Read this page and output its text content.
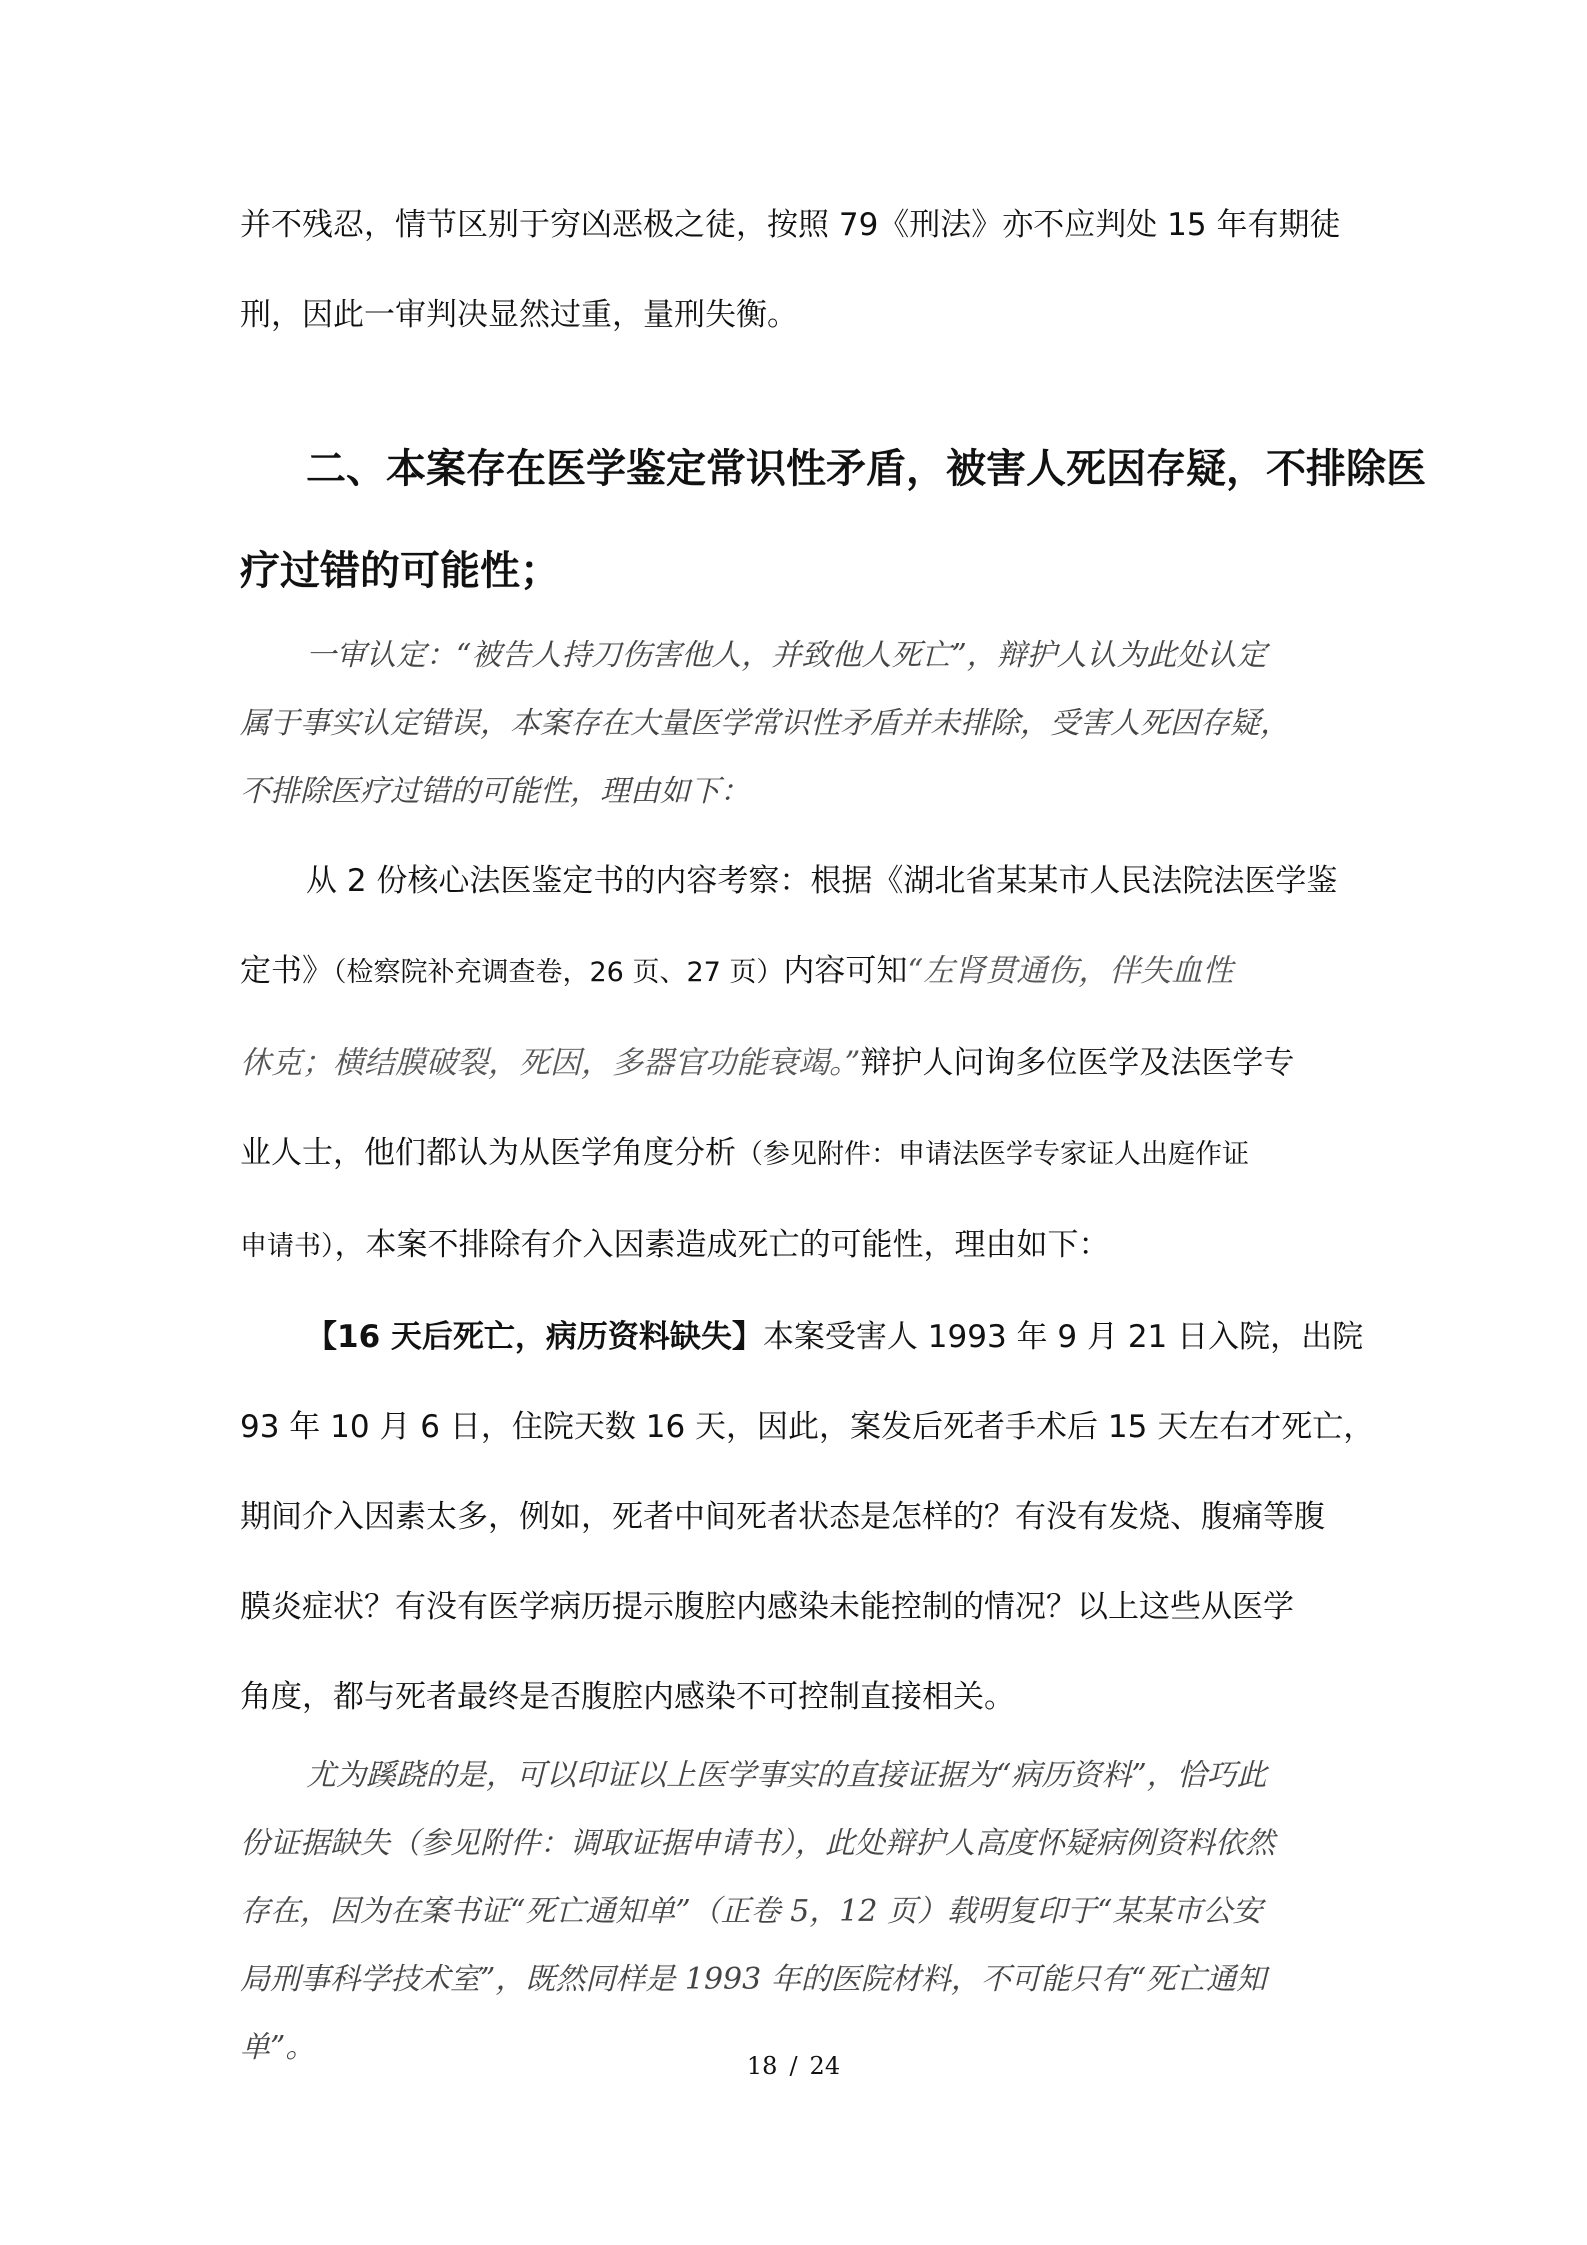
并不残忍，情节区别于穷凶恶极之徒，按照 79《刑法》亦不应判处 15 年有期徒

刑，因此一审判决显然过重，量刑失衡。

二、本案存在医学鉴定常识性矛盾，被害人死因存疑，不排除医

疗过错的可能性；

一审认定：“被告人持刀伤害他人，并致他人死亡”，辩护人认为此处认定

属于事实认定错误，本案存在大量医学常识性矛盾并未排除，受害人死因存疑，

不排除医疗过错的可能性，理由如下：

从 2 份核心法医鉴定书的内容考察：根据《湖北省某某市人民法院法医学鉴

定书》（检察院补充调查卷，26 页、27 页）内容可知“左肾贯通伤，伴失血性

休克；横结膜破裂，死因，多器官功能衰竭。”辩护人问询多位医学及法医学专

业人士，他们都认为从医学角度分析（参见附件：申请法医学专家证人出庭作证

申请书），本案不排除有介入因素造成死亡的可能性，理由如下：

【16 天后死亡，病历资料缺失】本案受害人 1993 年 9 月 21 日入院，出院

93 年 10 月 6 日，住院天数 16 天，因此，案发后死者手术后 15 天左右才死亡，

期间介入因素太多，例如，死者中间死者状态是怎样的？有没有发烧、腹痛等腹

膜炎症状？有没有医学病历提示腹腔内感染未能控制的情况？以上这些从医学

角度，都与死者最终是否腹腔内感染不可控制直接相关。

尤为蹊跷的是，可以印证以上医学事实的直接证据为“病历资料”，恰巧此

份证据缺失（参见附件：调取证据申请书），此处辩护人高度怀疑病例资料依然

存在，因为在案书证“死亡通知单”（正卷 5，12 页）载明复印于“某某市公安

局刑事科学技术室”，既然同样是 1993 年的医院材料，不可能只有“死亡通知

单”。

18 / 24
